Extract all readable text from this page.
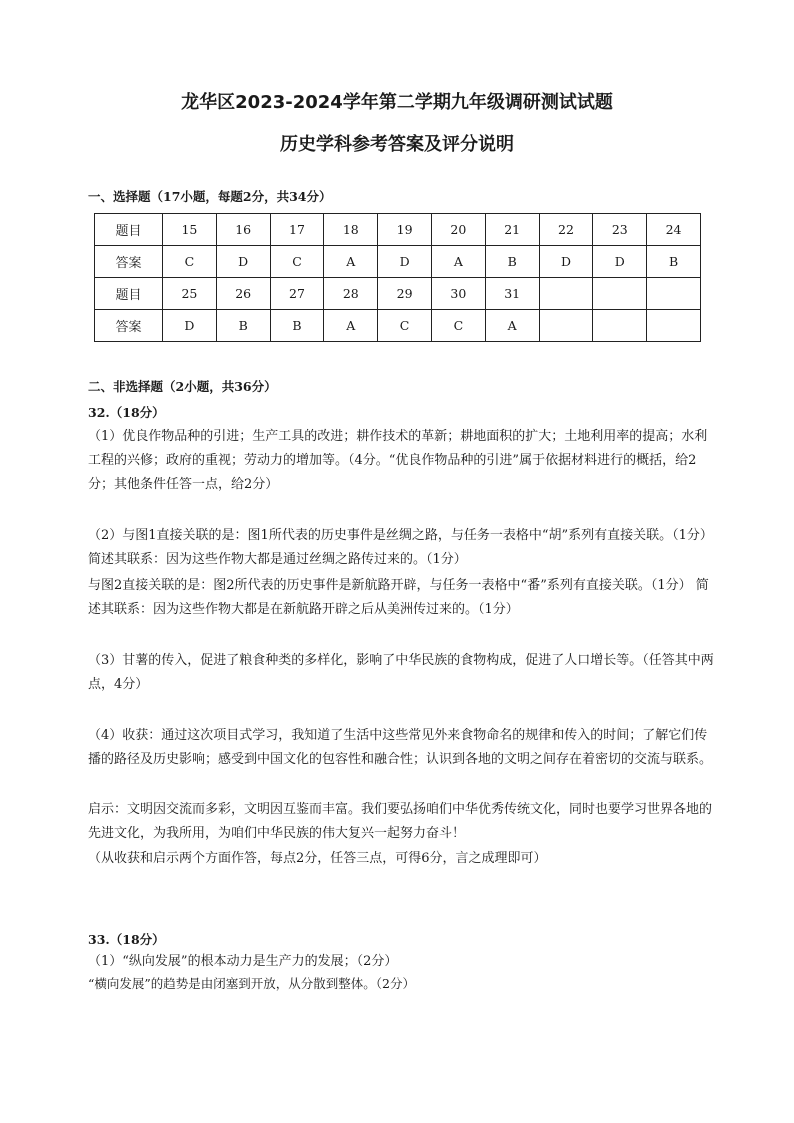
龙华区2023-2024学年第二学期九年级调研测试试题
历史学科参考答案及评分说明
一、选择题（17小题，每题2分，共34分）
题目	15	16	17	18	19	20	21	22	23	24
答案	C	D	C	A	D	A	B	D	D	B
题目	25	26	27	28	29	30	31			
答案	D	B	B	A	C	C	A			
二、非选择题（2小题，共36分）
32.（18分）

（1）优良作物品种的引进；生产工具的改进；耕作技术的革新；耕地面积的扩大；土地利用率的提高；水利工程的兴修；政府的重视；劳动力的增加等。（4分。“优良作物品种的引进”属于依据材料进行的概括，给2分；其他条件任答一点，给2分）

（2）与图1直接关联的是：图1所代表的历史事件是丝绸之路，与任务一表格中“胡”系列有直接关联。（1分） 简述其联系：因为这些作物大都是通过丝绸之路传过来的。（1分）

与图2直接关联的是：图2所代表的历史事件是新航路开辟，与任务一表格中“番”系列有直接关联。（1分） 简述其联系：因为这些作物大都是在新航路开辟之后从美洲传过来的。（1分）

（3）甘薯的传入，促进了粮食种类的多样化，影响了中华民族的食物构成，促进了人口增长等。（任答其中两点，4分）

（4）收获：通过这次项目式学习，我知道了生活中这些常见外来食物命名的规律和传入的时间；了解它们传播的路径及历史影响；感受到中国文化的包容性和融合性；认识到各地的文明之间存在着密切的交流与联系。

启示：文明因交流而多彩，文明因互鉴而丰富。我们要弘扬咱们中华优秀传统文化，同时也要学习世界各地的先进文化，为我所用，为咱们中华民族的伟大复兴一起努力奋斗！

（从收获和启示两个方面作答，每点2分，任答三点，可得6分，言之成理即可）

33.（18分）

（1）“纵向发展”的根本动力是生产力的发展；（2分）

“横向发展”的趋势是由闭塞到开放，从分散到整体。（2分）
